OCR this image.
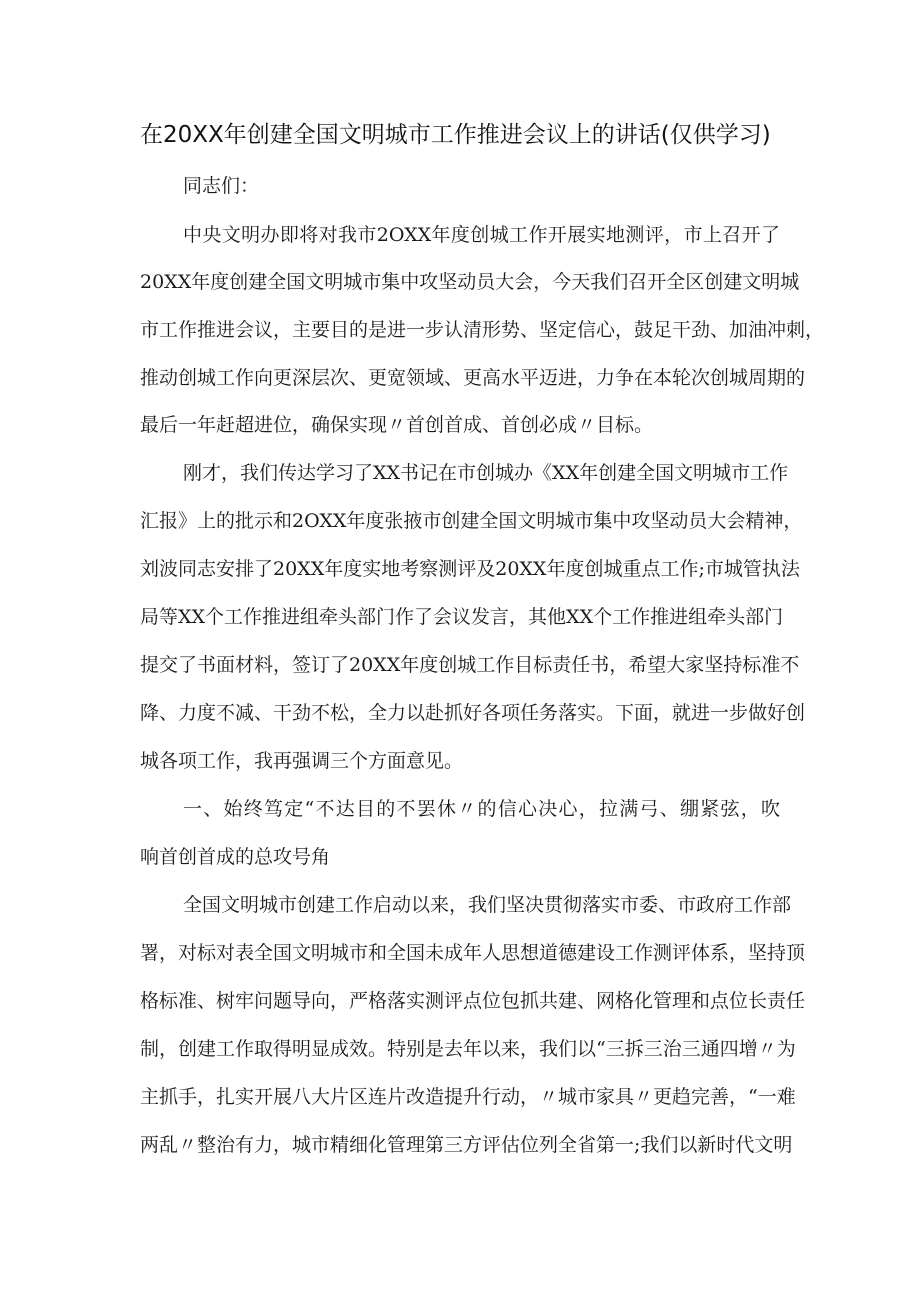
在20XX年创建全国文明城市工作推进会议上的讲话(仅供学习)
同志们：
中央文明办即将对我市2OXX年度创城工作开展实地测评，市上召开了
20XX年度创建全国文明城市集中攻坚动员大会，今天我们召开全区创建文明城
市工作推进会议，主要目的是进一步认清形势、坚定信心，鼓足干劲、加油冲刺，
推动创城工作向更深层次、更宽领域、更高水平迈进，力争在本轮次创城周期的
最后一年赶超进位，确保实现〃首创首成、首创必成〃目标。
刚才，我们传达学习了XX书记在市创城办《XX年创建全国文明城市工作
汇报》上的批示和2OXX年度张掖市创建全国文明城市集中攻坚动员大会精神，
刘波同志安排了20XX年度实地考察测评及20XX年度创城重点工作;市城管执法
局等XX个工作推进组牵头部门作了会议发言，其他XX个工作推进组牵头部门
提交了书面材料，签订了20XX年度创城工作目标责任书，希望大家坚持标准不
降、力度不减、干劲不松，全力以赴抓好各项任务落实。下面，就进一步做好创
城各项工作，我再强调三个方面意见。
一、始终笃定“不达目的不罢休〃的信心决心，拉满弓、绷紧弦，吹
响首创首成的总攻号角
全国文明城市创建工作启动以来，我们坚决贯彻落实市委、市政府工作部
署，对标对表全国文明城市和全国未成年人思想道德建设工作测评体系，坚持顶
格标准、树牢问题导向，严格落实测评点位包抓共建、网格化管理和点位长责任
制，创建工作取得明显成效。特别是去年以来，我们以“三拆三治三通四增〃为
主抓手，扎实开展八大片区连片改造提升行动，〃城市家具〃更趋完善，“一难
两乱〃整治有力，城市精细化管理第三方评估位列全省第一;我们以新时代文明
